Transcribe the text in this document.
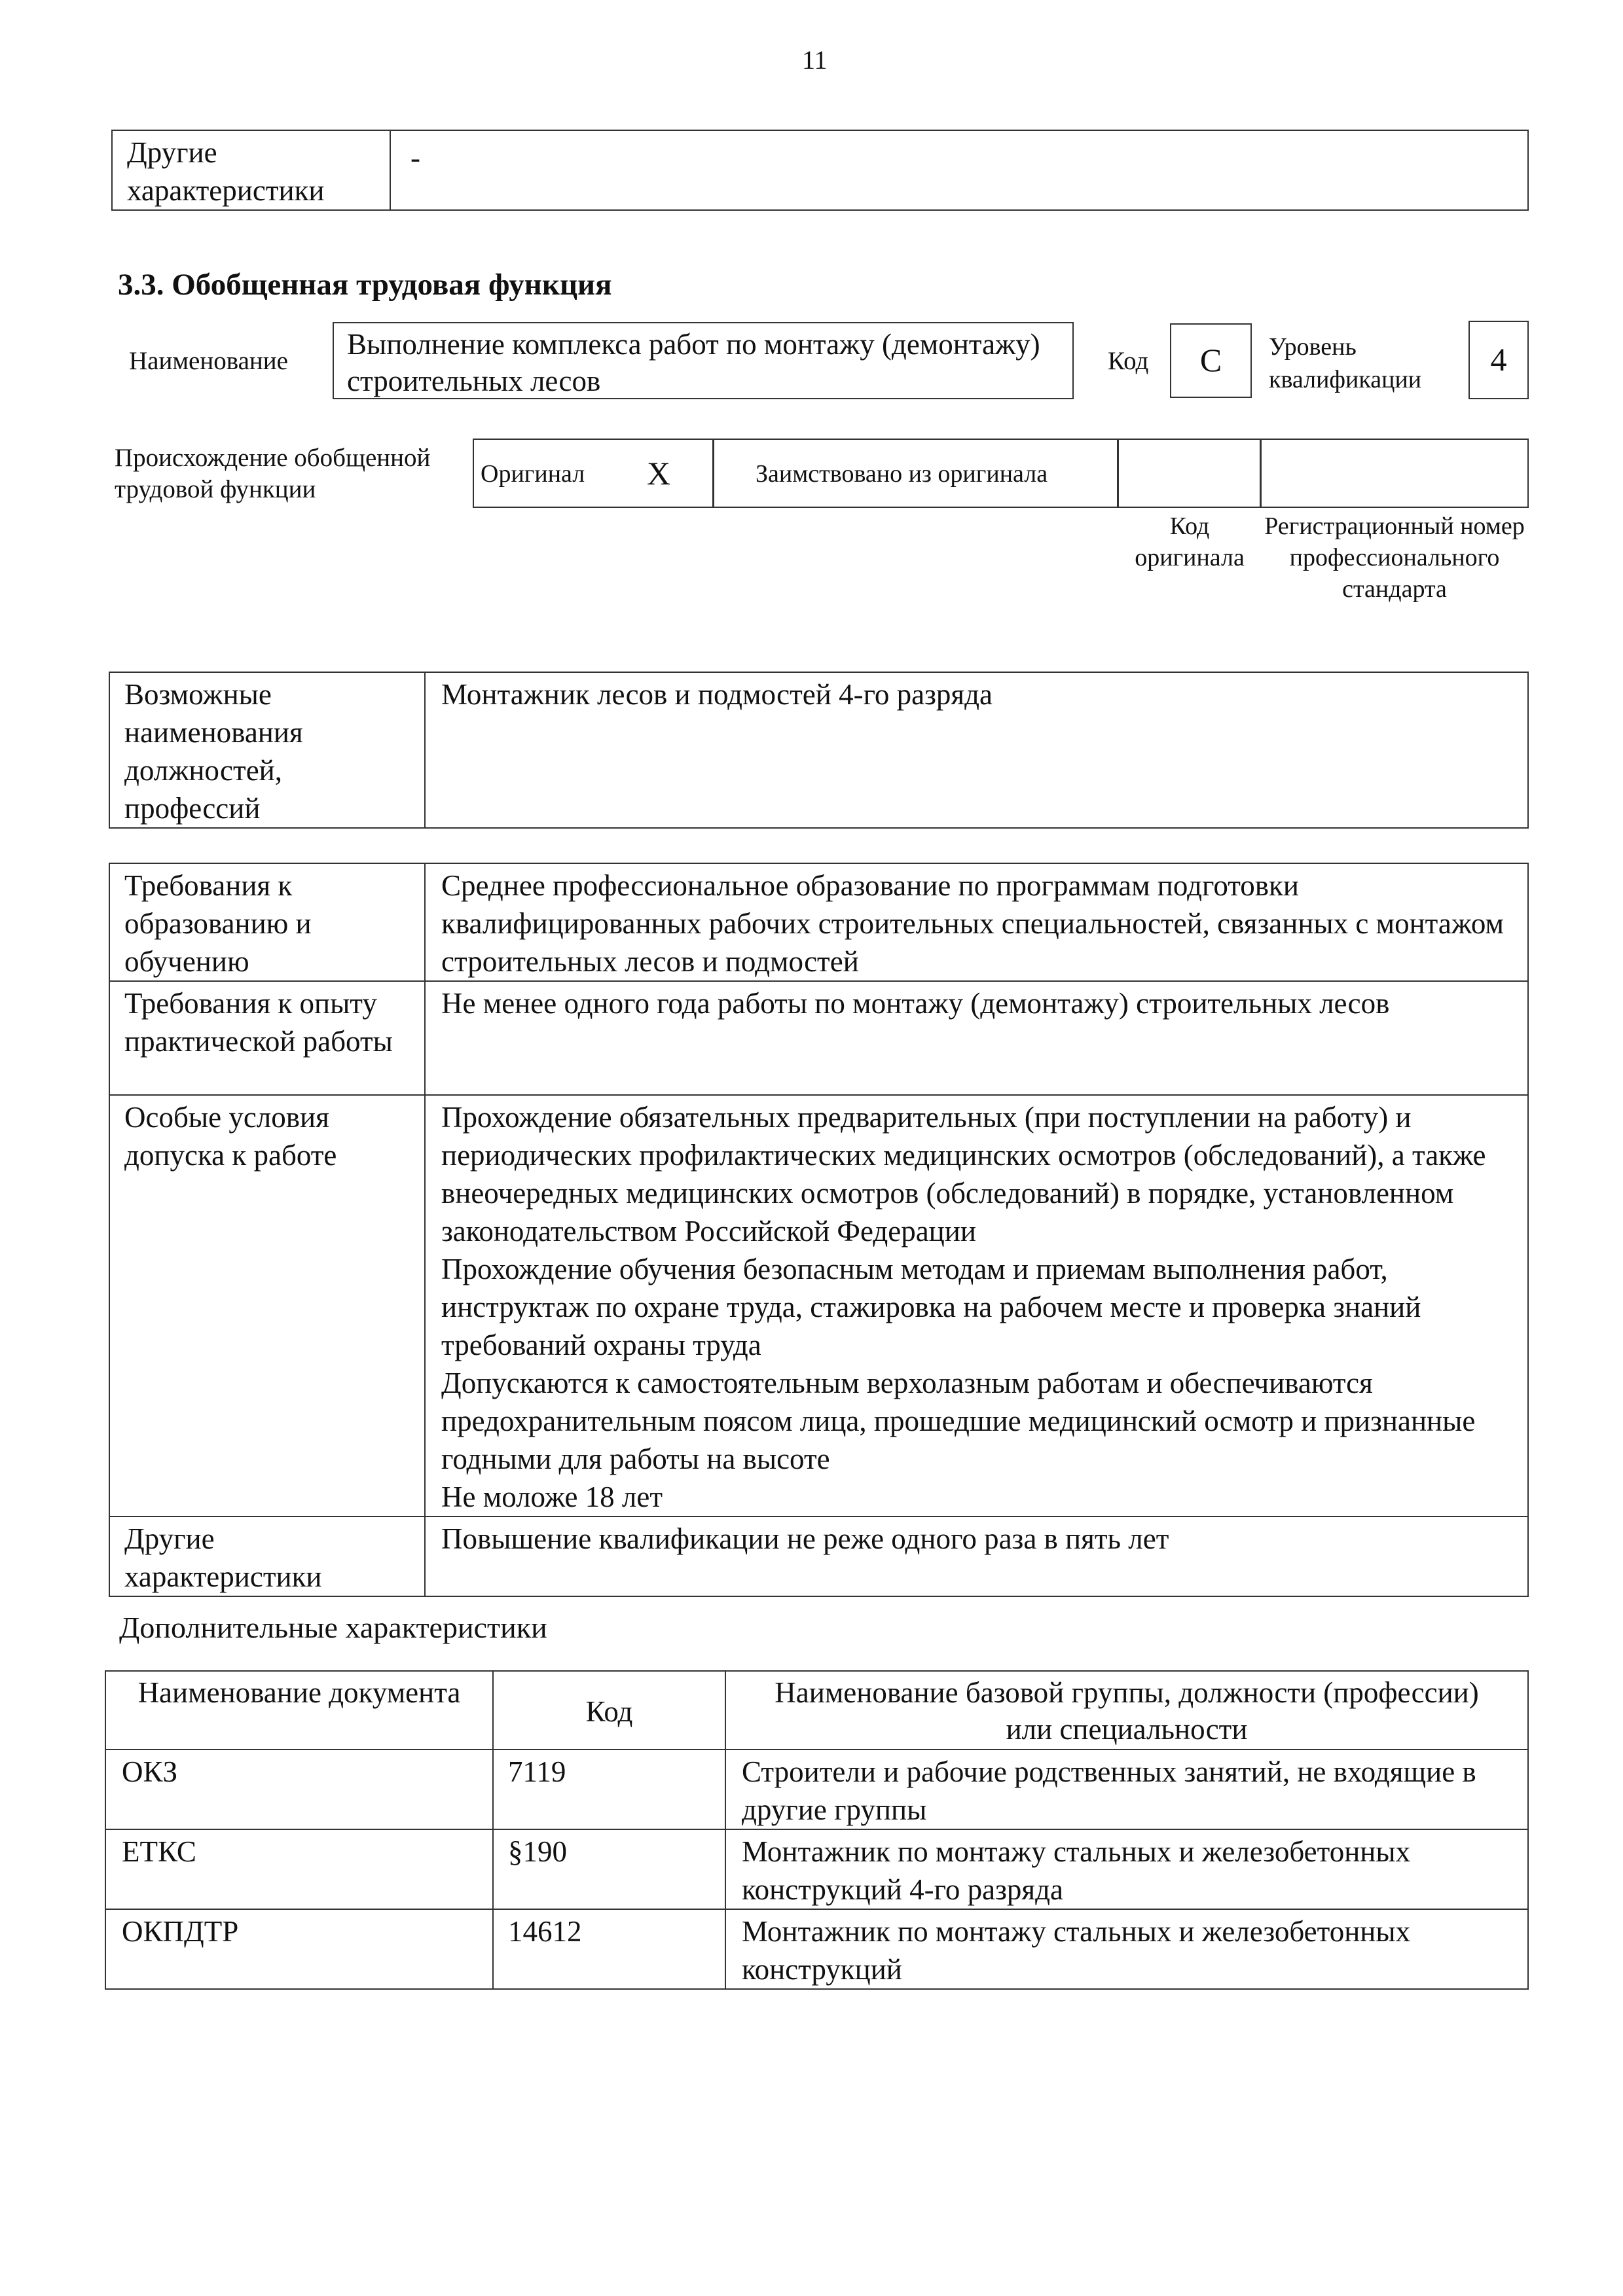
11
Другие характеристики	-
3.3. Обобщенная трудовая функция
Наименование
Выполнение комплекса работ по монтажу (демонтажу) строительных лесов
Код	С	Уровень квалификации
4
Происхождение обобщенной трудовой функции
Оригинал X	Заимствовано из оригинала
Код оригинала
Регистрационный номер профессионального стандарта
Возможные наименования должностей, профессий	Монтажник лесов и подмостей 4-го разряда
Требования к образованию и обучению	Среднее профессиональное образование по программам подготовки квалифицированных рабочих строительных специальностей, связанных с монтажом строительных лесов и подмостей
Требования к опыту практической работы	Не менее одного года работы по монтажу (демонтажу) строительных лесов
Особые условия допуска к работе	Прохождение обязательных предварительных (при поступлении на работу) и периодических профилактических медицинских осмотров (обследований), а также внеочередных медицинских осмотров (обследований) в порядке, установленном законодательством Российской Федерации
Прохождение обучения безопасным методам и приемам выполнения работ, инструктаж по охране труда, стажировка на рабочем месте и проверка знаний требований охраны труда
Допускаются к самостоятельным верхолазным работам и обеспечиваются предохранительным поясом лица, прошедшие медицинский осмотр и признанные годными для работы на высоте
Не моложе 18 лет

Другие характеристики	Повышение квалификации не реже одного раза в пять лет
Дополнительные характеристики
Наименование документа	Код	Наименование базовой группы, должности (профессии) или специальности
ОКЗ	7119	Строители и рабочие родственных занятий, не входящие в другие группы
ЕТКС	§190	Монтажник по монтажу стальных и железобетонных конструкций 4-го разряда
ОКПДТР	14612	Монтажник по монтажу стальных и железобетонных конструкций
